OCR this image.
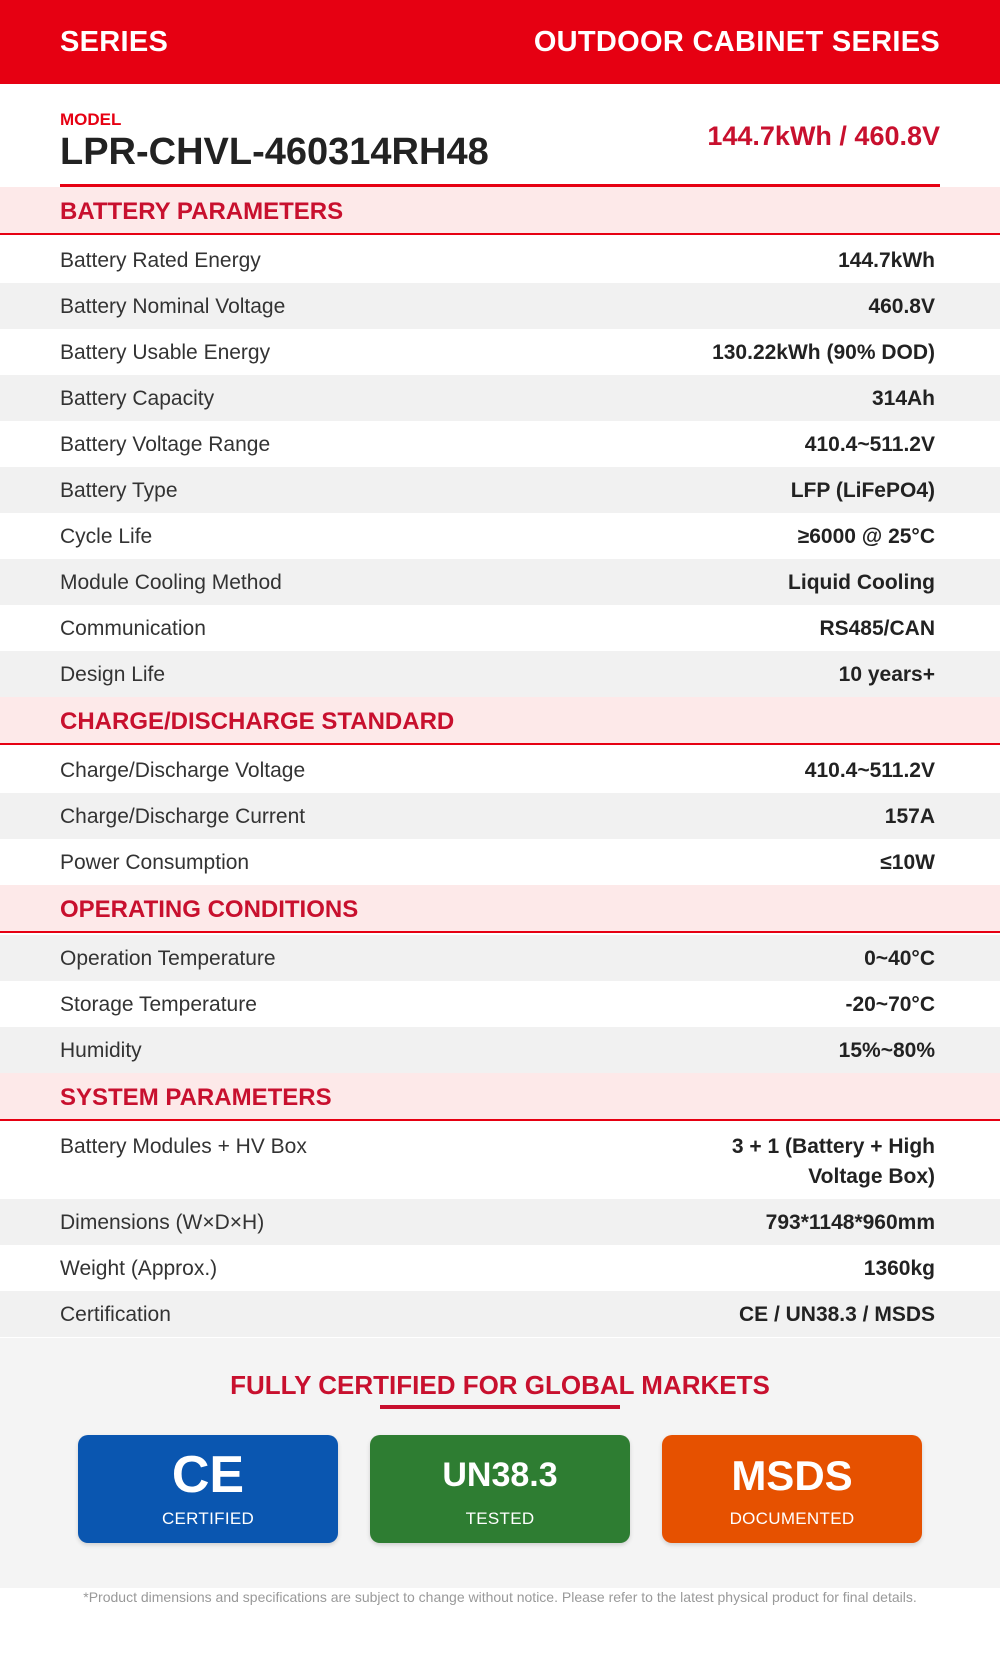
SERIES	OUTDOOR CABINET SERIES
MODEL
LPR-CHVL-460314RH48	144.7kWh / 460.8V
BATTERY PARAMETERS
Battery Rated Energy	144.7kWh
Battery Nominal Voltage	460.8V
Battery Usable Energy	130.22kWh (90% DOD)
Battery Capacity	314Ah
Battery Voltage Range	410.4~511.2V
Battery Type	LFP (LiFePO4)
Cycle Life	≥6000 @ 25°C
Module Cooling Method	Liquid Cooling
Communication	RS485/CAN
Design Life	10 years+
CHARGE/DISCHARGE STANDARD
Charge/Discharge Voltage	410.4~511.2V
Charge/Discharge Current	157A
Power Consumption	≤10W
OPERATING CONDITIONS
Operation Temperature	0~40°C
Storage Temperature	-20~70°C
Humidity	15%~80%
SYSTEM PARAMETERS
Battery Modules + HV Box	3 + 1 (Battery + High Voltage Box)
Dimensions (W×D×H)	793*1148*960mm
Weight (Approx.)	1360kg
Certification	CE / UN38.3 / MSDS
FULLY CERTIFIED FOR GLOBAL MARKETS
CE
CERTIFIED
UN38.3
TESTED
MSDS
DOCUMENTED
*Product dimensions and specifications are subject to change without notice. Please refer to the latest physical product for final details.
